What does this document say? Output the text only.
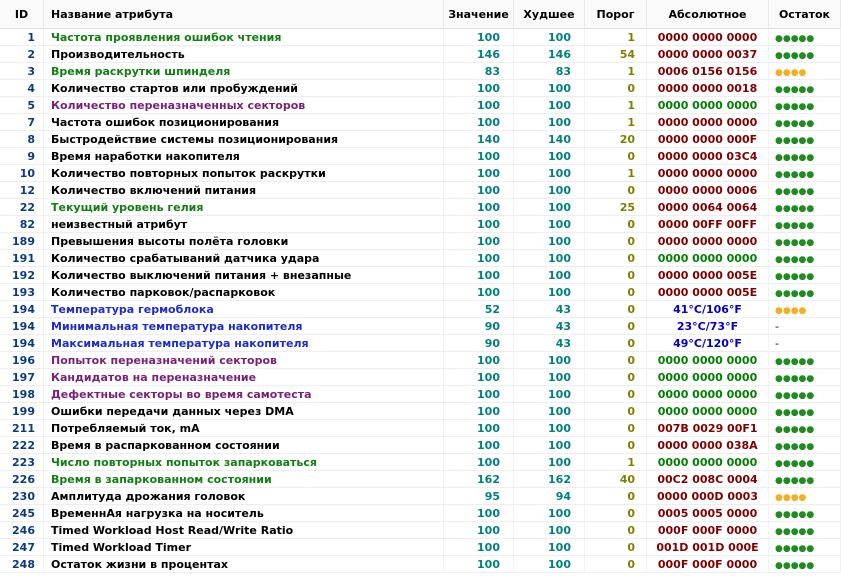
ID	Название атрибута	Значение	Худшее	Порог	Абсолютное	Остаток
1	Частота проявления ошибок чтения	100	100	1	0000 0000 0000	●●●●●
2	Производительность	146	146	54	0000 0000 0037	●●●●●
3	Время раскрутки шпинделя	83	83	1	0006 0156 0156	●●●●
4	Количество стартов или пробуждений	100	100	0	0000 0000 0018	●●●●●
5	Количество переназначенных секторов	100	100	1	0000 0000 0000	●●●●●
7	Частота ошибок позиционирования	100	100	1	0000 0000 0000	●●●●●
8	Быстродействие системы позиционирования	140	140	20	0000 0000 000F	●●●●●
9	Время наработки накопителя	100	100	0	0000 0000 03C4	●●●●●
10	Количество повторных попыток раскрутки	100	100	1	0000 0000 0000	●●●●●
12	Количество включений питания	100	100	0	0000 0000 0006	●●●●●
22	Текущий уровень гелия	100	100	25	0000 0064 0064	●●●●●
82	неизвестный атрибут	100	100	0	0000 00FF 00FF	●●●●●
189	Превышения высоты полёта головки	100	100	0	0000 0000 0000	●●●●●
191	Количество срабатываний датчика удара	100	100	0	0000 0000 0000	●●●●●
192	Количество выключений питания + внезапные	100	100	0	0000 0000 005E	●●●●●
193	Количество парковок/распарковок	100	100	0	0000 0000 005E	●●●●●
194	Температура гермоблока	52	43	0	41°C/106°F	●●●●
194	Минимальная температура накопителя	90	43	0	23°C/73°F	-
194	Максимальная температура накопителя	90	43	0	49°C/120°F	-
196	Попыток переназначений секторов	100	100	0	0000 0000 0000	●●●●●
197	Кандидатов на переназначение	100	100	0	0000 0000 0000	●●●●●
198	Дефектные секторы во время самотеста	100	100	0	0000 0000 0000	●●●●●
199	Ошибки передачи данных через DMA	100	100	0	0000 0000 0000	●●●●●
211	Потребляемый ток, mA	100	100	0	007B 0029 00F1	●●●●●
222	Время в распаркованном состоянии	100	100	0	0000 0000 038A	●●●●●
223	Число повторных попыток запарковаться	100	100	1	0000 0000 0000	●●●●●
226	Время в запаркованном состоянии	162	162	40	00C2 008C 0004	●●●●●
230	Амплитуда дрожания головок	95	94	0	0000 000D 0003	●●●●
245	ВременнАя нагрузка на носитель	100	100	0	0005 0005 0000	●●●●●
246	Timed Workload Host Read/Write Ratio	100	100	0	000F 000F 0000	●●●●●
247	Timed Workload Timer	100	100	0	001D 001D 000E	●●●●●
248	Остаток жизни в процентах	100	100	0	000F 000F 0000	●●●●●
